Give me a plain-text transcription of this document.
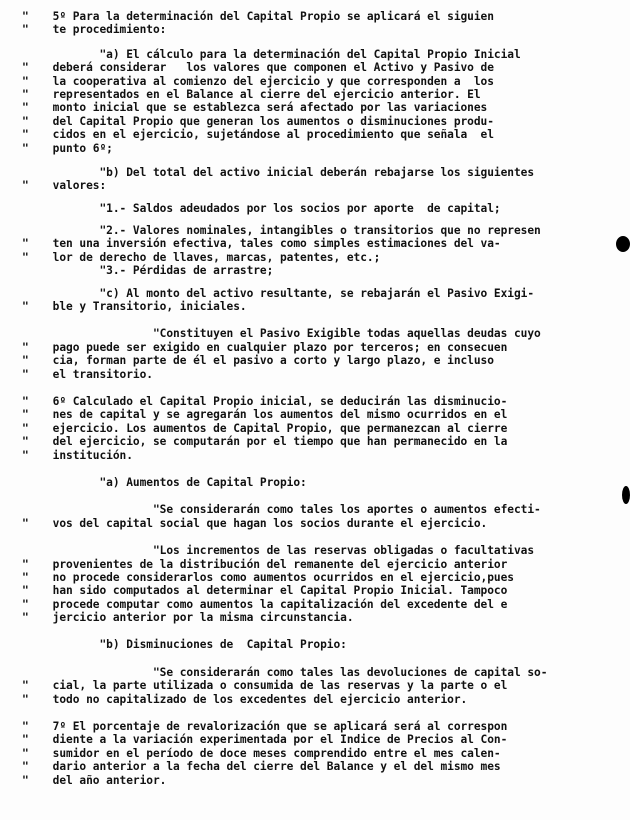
"	5º Para la determinación del Capital Propio se aplicará el siguien
"	te procedimiento:
"a) El cálculo para la determinación del Capital Propio Inicial
"	deberá considerar   los valores que componen el Activo y Pasivo de
"	la cooperativa al comienzo del ejercicio y que corresponden a  los
"	representados en el Balance al cierre del ejercicio anterior. El
"	monto inicial que se establezca será afectado por las variaciones
"	del Capital Propio que generan los aumentos o disminuciones produ-
"	cidos en el ejercicio, sujetándose al procedimiento que señala  el
"	punto 6º;
"b) Del total del activo inicial deberán rebajarse los siguientes
"	valores:
"1.- Saldos adeudados por los socios por aporte  de capital;
"2.- Valores nominales, intangibles o transitorios que no represen
"	ten una inversión efectiva, tales como simples estimaciones del va-
"	lor de derecho de llaves, marcas, patentes, etc.;
"3.- Pérdidas de arrastre;
"c) Al monto del activo resultante, se rebajarán el Pasivo Exigi-
"	ble y Transitorio, iniciales.
"Constituyen el Pasivo Exigible todas aquellas deudas cuyo
"	pago puede ser exigido en cualquier plazo por terceros; en consecuen
"	cia, forman parte de él el pasivo a corto y largo plazo, e incluso
"	el transitorio.
"	6º Calculado el Capital Propio inicial, se deducirán las disminucio-
"	nes de capital y se agregarán los aumentos del mismo ocurridos en el
"	ejercicio. Los aumentos de Capital Propio, que permanezcan al cierre
"	del ejercicio, se computarán por el tiempo que han permanecido en la
"	institución.
"a) Aumentos de Capital Propio:
"Se considerarán como tales los aportes o aumentos efecti-
"	vos del capital social que hagan los socios durante el ejercicio.
"Los incrementos de las reservas obligadas o facultativas
"	provenientes de la distribución del remanente del ejercicio anterior
"	no procede considerarlos como aumentos ocurridos en el ejercicio,pues
"	han sido computados al determinar el Capital Propio Inicial. Tampoco
"	procede computar como aumentos la capitalización del excedente del e
"	jercicio anterior por la misma circunstancia.
"b) Disminuciones de  Capital Propio:
"Se considerarán como tales las devoluciones de capital so-
"	cial, la parte utilizada o consumida de las reservas y la parte o el
"	todo no capitalizado de los excedentes del ejercicio anterior.
"	7º El porcentaje de revalorización que se aplicará será al correspon
"	diente a la variación experimentada por el Indice de Precios al Con-
"	sumidor en el período de doce meses comprendido entre el mes calen-
"	dario anterior a la fecha del cierre del Balance y el del mismo mes
"	del año anterior.
